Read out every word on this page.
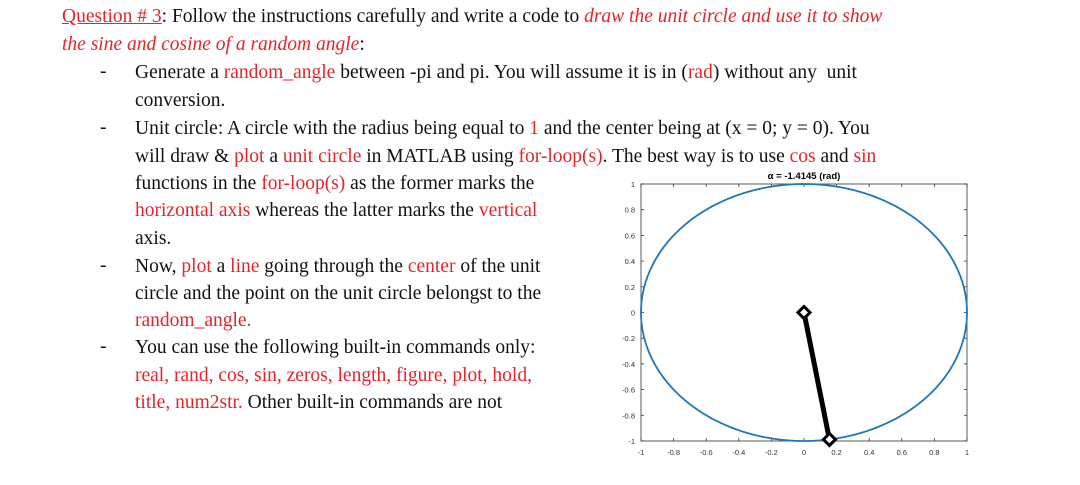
Question # 3: Follow the instructions carefully and write a code to draw the unit circle and use it to show
the sine and cosine of a random angle:
- Generate a random_angle between -pi and pi. You will assume it is in (rad) without any  unit
conversion.
- Unit circle: A circle with the radius being equal to 1 and the center being at (x = 0; y = 0). You
will draw & plot a unit circle in MATLAB using for-loop(s). The best way is to use cos and sin
functions in the for-loop(s) as the former marks the
horizontal axis whereas the latter marks the vertical
axis.
- Now, plot a line going through the center of the unit
circle and the point on the unit circle belongst to the
random_angle.
- You can use the following built-in commands only:
real, rand, cos, sin, zeros, length, figure, plot, hold,
title, num2str. Other built-in commands are not
α = -1.4145 (rad)
-1	-0.8	-0.6	-0.4	-0.2	0	0.2	0.4	0.6	0.8	1
-1
-0.8
-0.6
-0.4
-0.2
0
0.2
0.4
0.6
0.8
1
